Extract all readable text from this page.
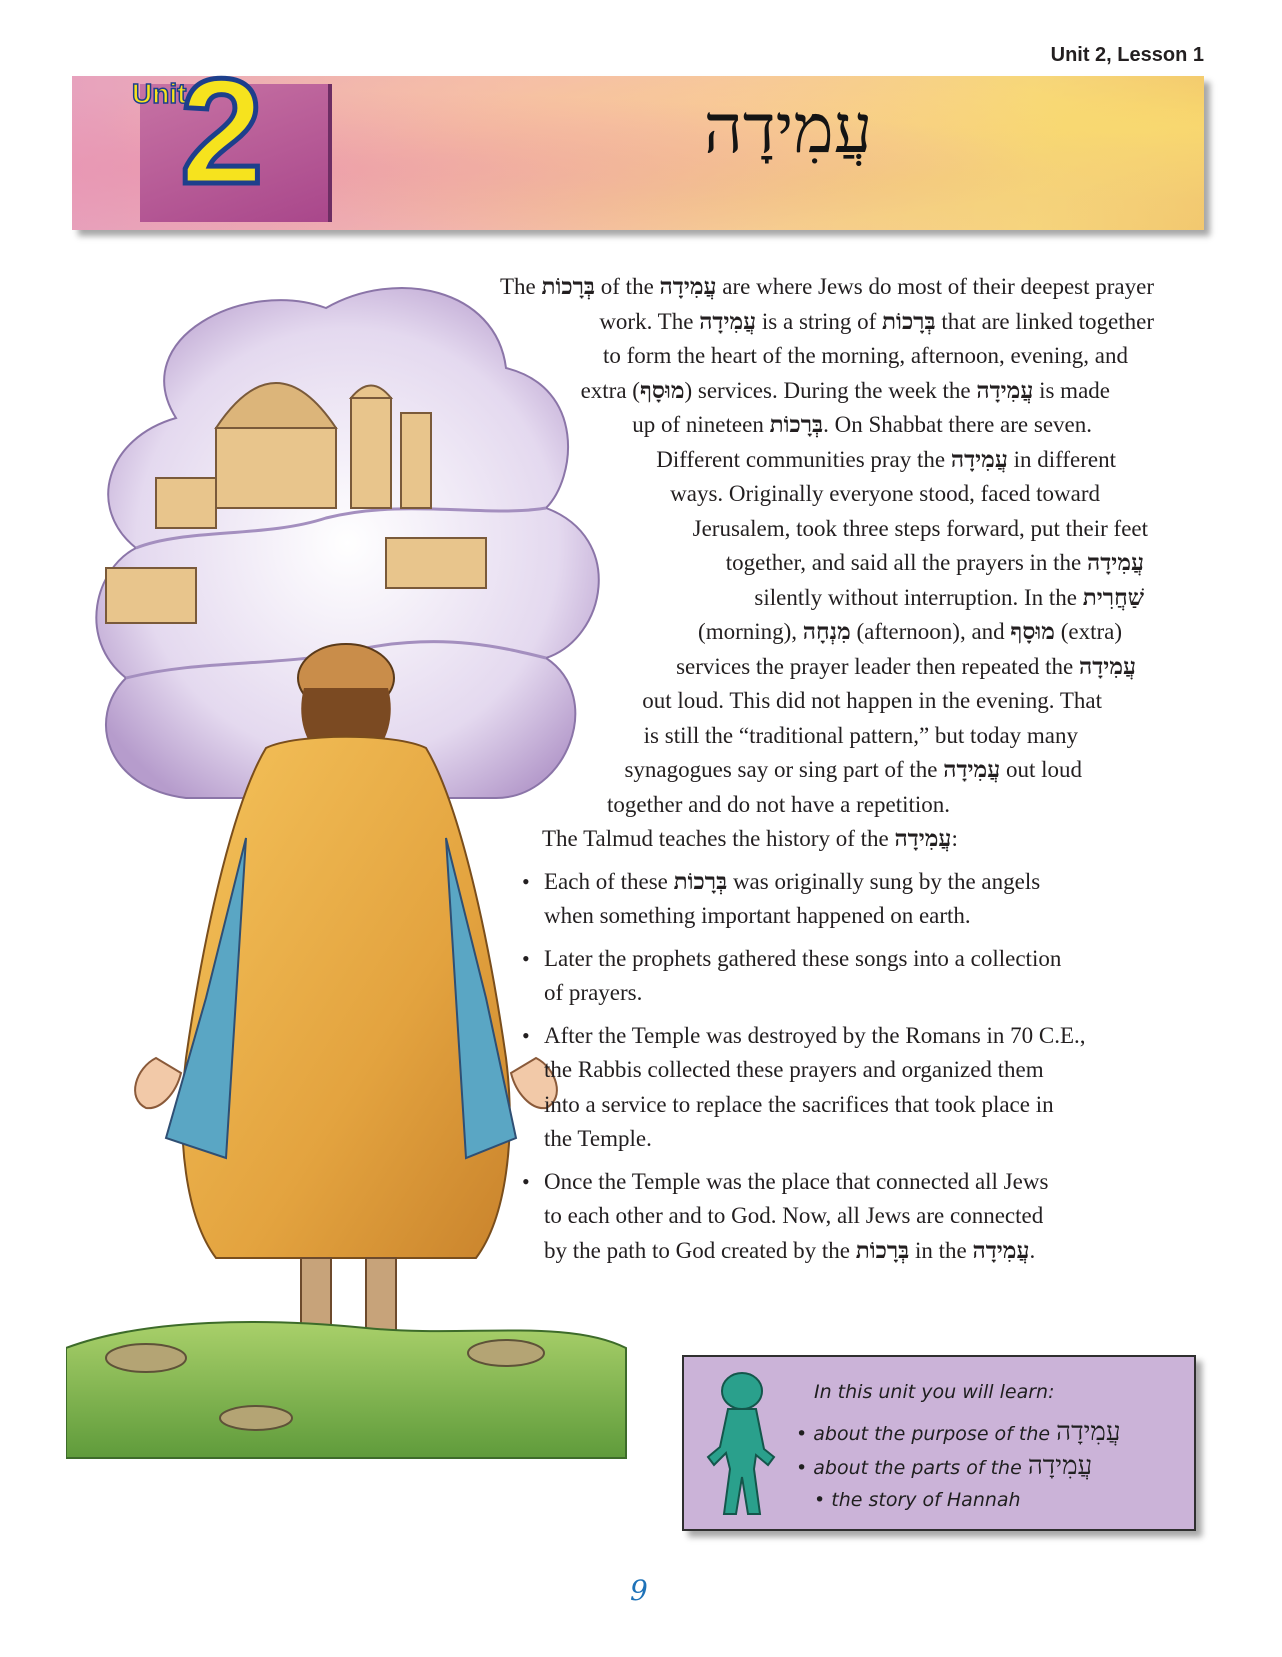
Unit 2, Lesson 1
Unit
2	עֲמִידָה

The בְּרָכוֹת of the עֲמִידָה are where Jews do most of their deepest prayer
work. The עֲמִידָה is a string of בְּרָכוֹת that are linked together
to form the heart of the morning, afternoon, evening, and
extra (מוּסָף) services. During the week the עֲמִידָה is made
up of nineteen בְּרָכוֹת. On Shabbat there are seven.

Different communities pray the עֲמִידָה in different
ways. Originally everyone stood, faced toward
Jerusalem, took three steps forward, put their feet
together, and said all the prayers in the עֲמִידָה
silently without interruption. In the שַׁחֲרִית
(morning), מִנְחָה (afternoon), and מוּסָף (extra)
services the prayer leader then repeated the עֲמִידָה
out loud. This did not happen in the evening. That
is still the “traditional pattern,” but today many
synagogues say or sing part of the עֲמִידָה out loud
together and do not have a repetition.

The Talmud teaches the history of the עֲמִידָה:

• Each of these בְּרָכוֹת was originally sung by the angels
when something important happened on earth.
• Later the prophets gathered these songs into a collection
of prayers.
• After the Temple was destroyed by the Romans in 70 C.E.,
the Rabbis collected these prayers and organized them
into a service to replace the sacrifices that took place in
the Temple.
• Once the Temple was the place that connected all Jews
to each other and to God. Now, all Jews are connected
by the path to God created by the בְּרָכוֹת in the עֲמִידָה.
In this unit you will learn:
• about the purpose of the עֲמִידָה
• about the parts of the עֲמִידָה
• the story of Hannah
9
